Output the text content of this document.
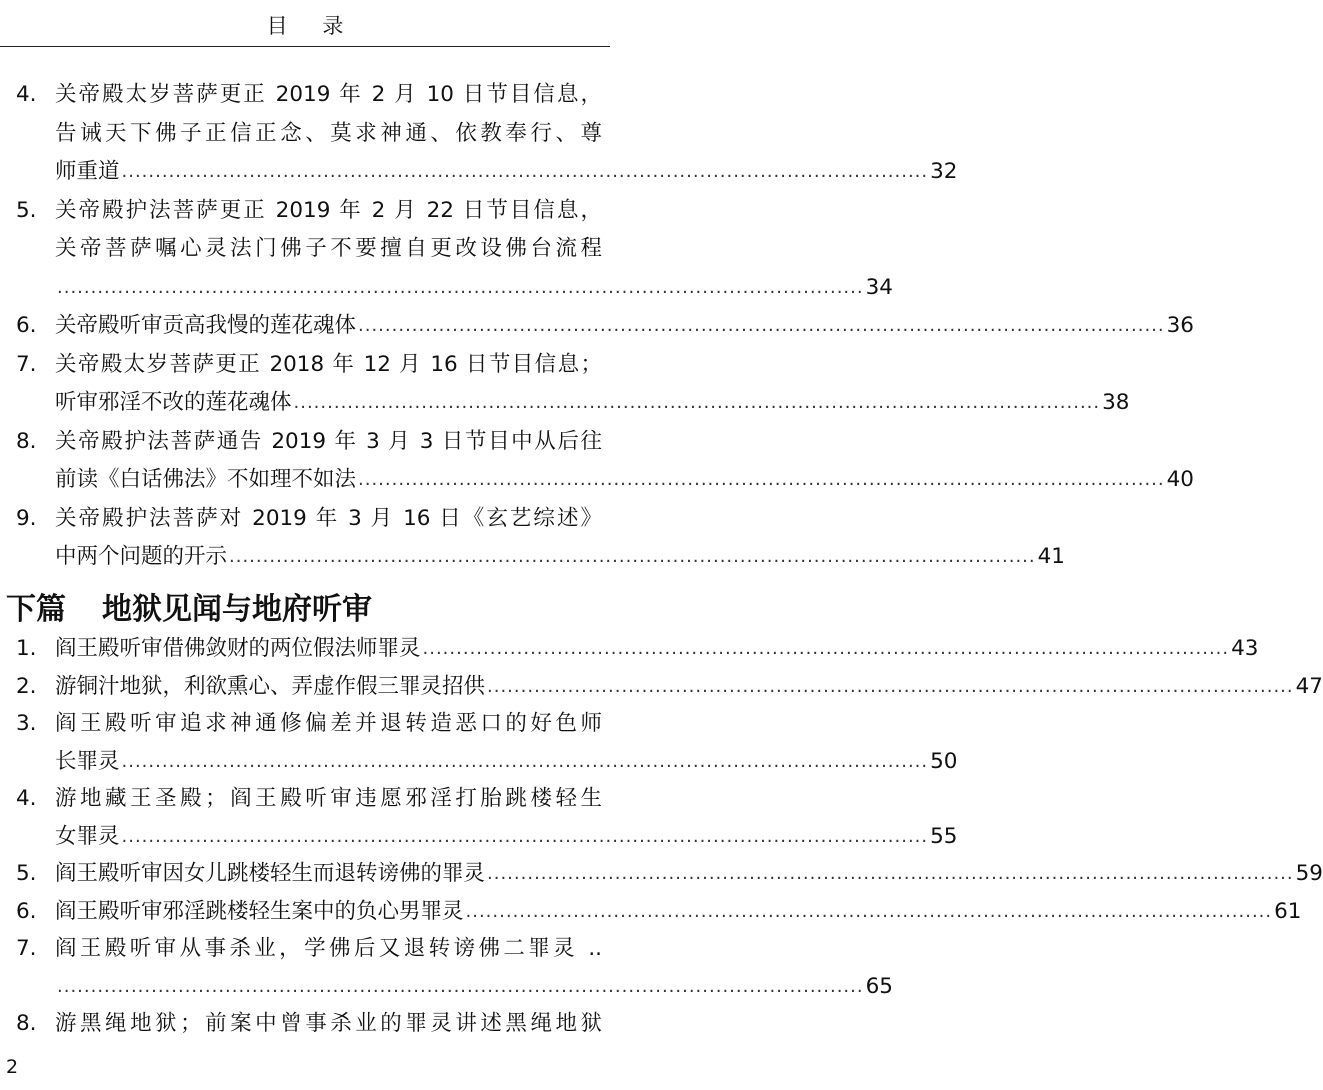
目 录
4. 关帝殿太岁菩萨更正 2019 年 2 月 10 日节目信息，
告诫天下佛子正信正念、莫求神通、依教奉行、尊
师重道 ........................................................................................................................ 32
5. 关帝殿护法菩萨更正 2019 年 2 月 22 日节目信息，
关帝菩萨嘱心灵法门佛子不要擅自更改设佛台流程
........................................................................................................................ 34
6. 关帝殿听审贡高我慢的莲花魂体 ........................................................................................................................ 36
7. 关帝殿太岁菩萨更正 2018 年 12 月 16 日节目信息；
听审邪淫不改的莲花魂体 ........................................................................................................................ 38
8. 关帝殿护法菩萨通告 2019 年 3 月 3 日节目中从后往
前读《白话佛法》不如理不如法 ........................................................................................................................ 40
9. 关帝殿护法菩萨对 2019 年 3 月 16 日《玄艺综述》
中两个问题的开示 ........................................................................................................................ 41
1. 阎王殿听审借佛敛财的两位假法师罪灵 ........................................................................................................................ 43
2. 游铜汁地狱，利欲熏心、弄虚作假三罪灵招供 ........................................................................................................................ 47
3. 阎王殿听审追求神通修偏差并退转造恶口的好色师
长罪灵 ........................................................................................................................ 50
4. 游地藏王圣殿；阎王殿听审违愿邪淫打胎跳楼轻生
女罪灵 ........................................................................................................................ 55
5. 阎王殿听审因女儿跳楼轻生而退转谤佛的罪灵 ........................................................................................................................ 59
6. 阎王殿听审邪淫跳楼轻生案中的负心男罪灵 ........................................................................................................................ 61
7. 阎王殿听审从事杀业，学佛后又退转谤佛二罪灵 ..
........................................................................................................................ 65
8. 游黑绳地狱；前案中曾事杀业的罪灵讲述黑绳地狱
下篇 地狱见闻与地府听审
2
